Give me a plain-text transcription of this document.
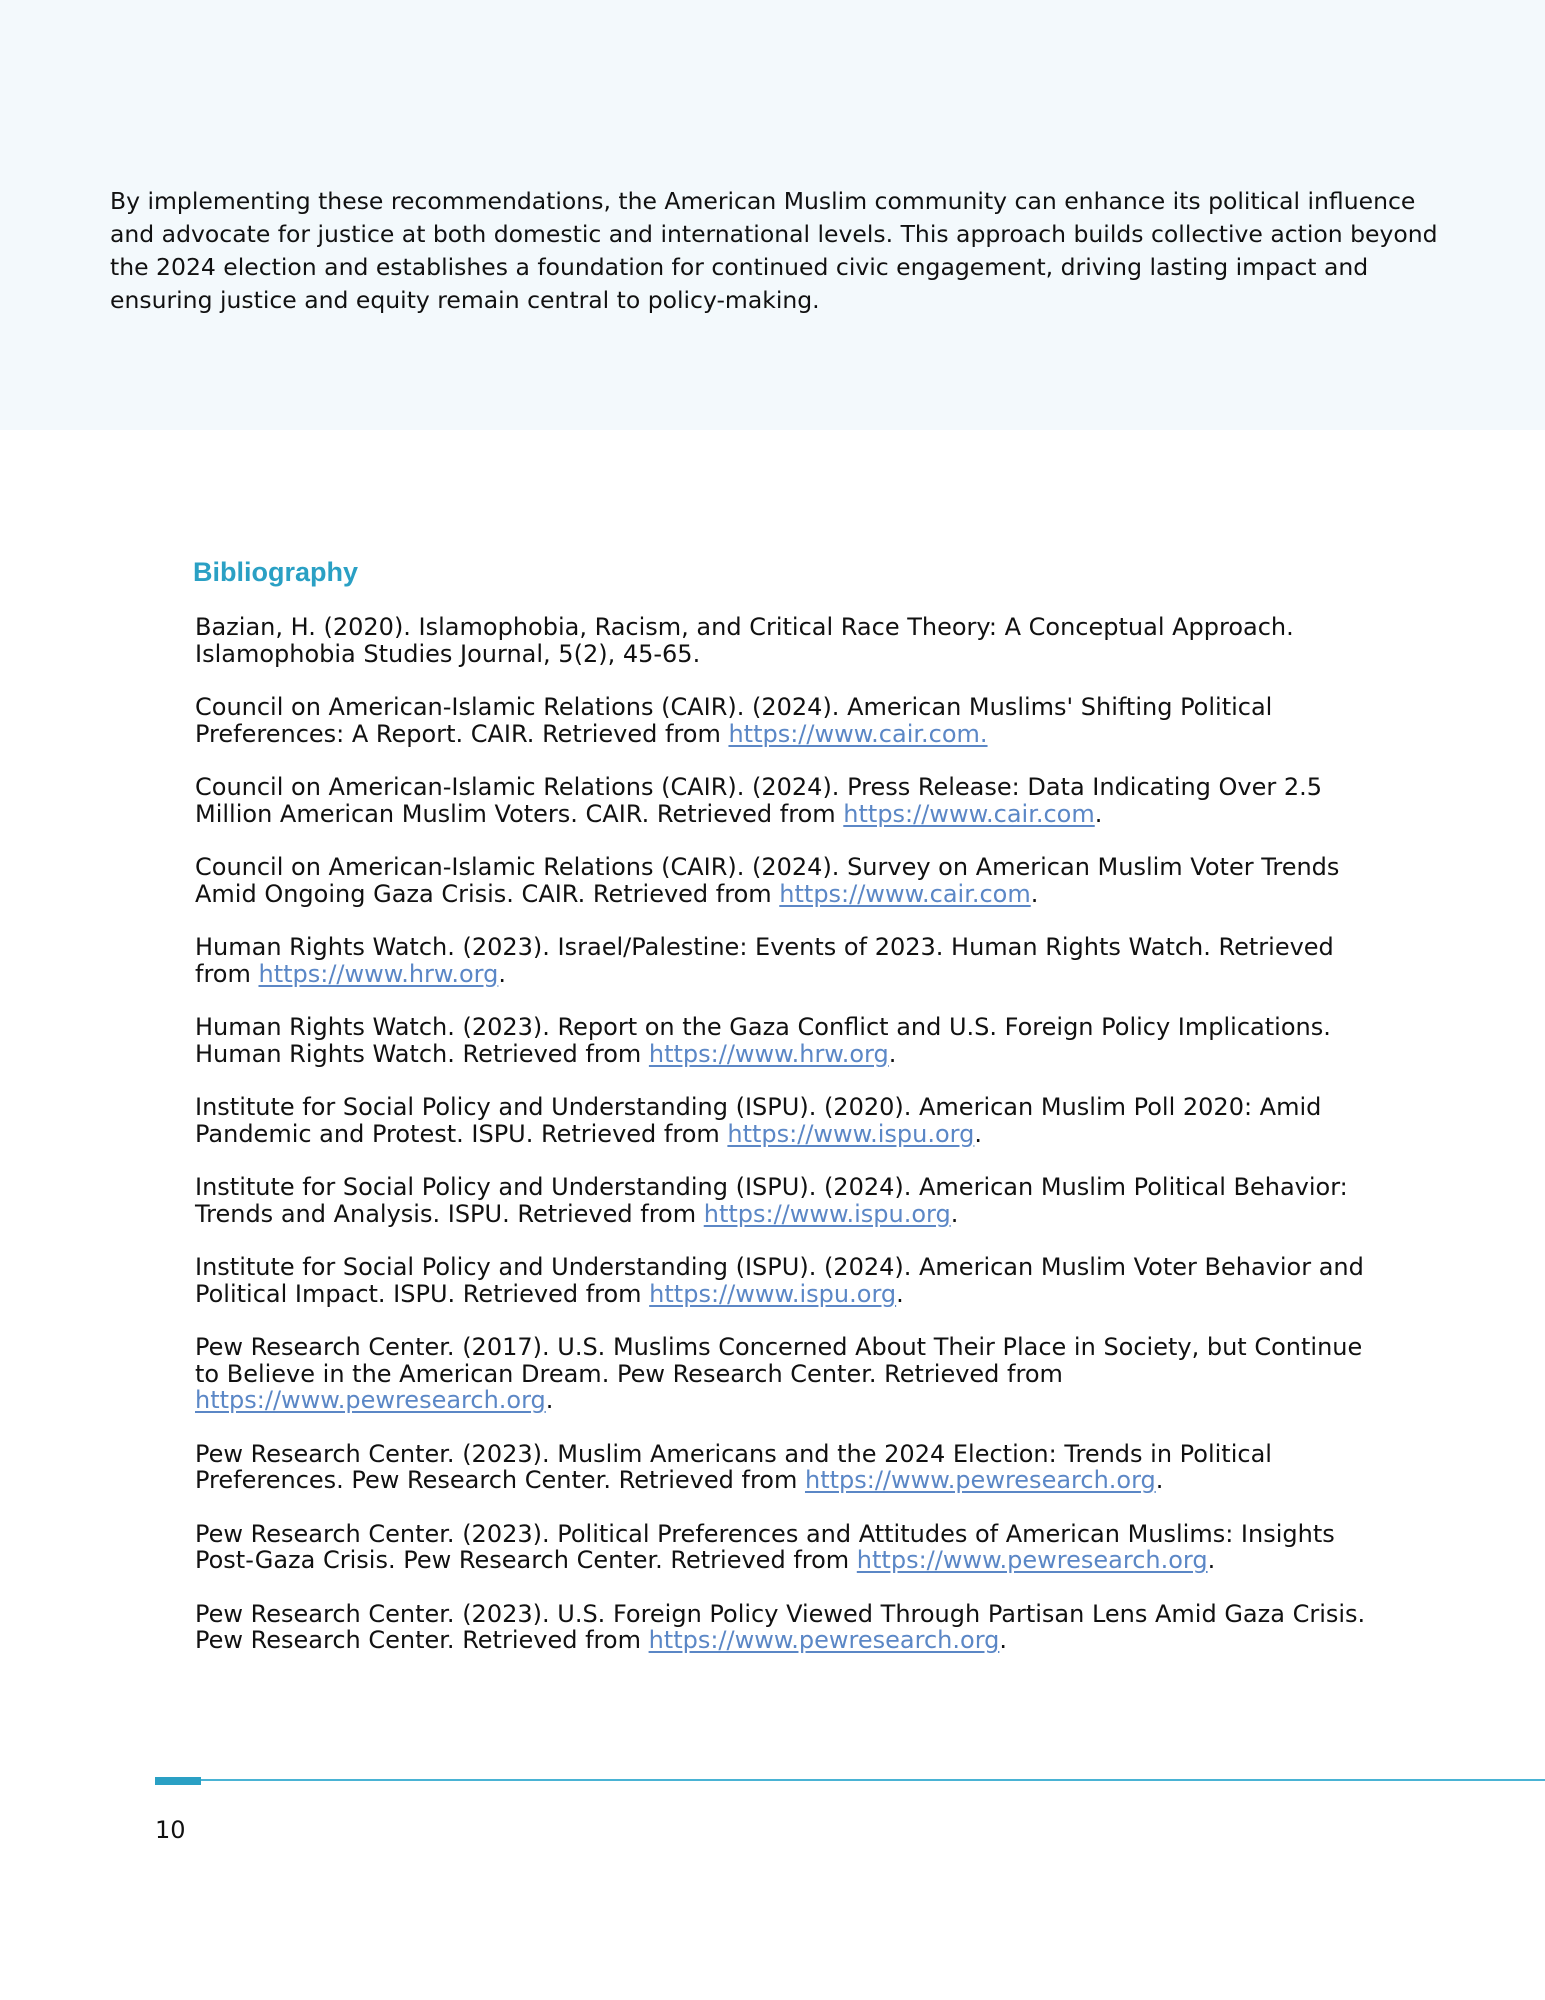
By implementing these recommendations, the American Muslim community can enhance its political influence and advocate for justice at both domestic and international levels. This approach builds collective action beyond the 2024 election and establishes a foundation for continued civic engagement, driving lasting impact and ensuring justice and equity remain central to policy-making.

Bibliography
Bazian, H. (2020). Islamophobia, Racism, and Critical Race Theory: A Conceptual Approach. Islamophobia Studies Journal, 5(2), 45-65.
Council on American-Islamic Relations (CAIR). (2024). American Muslims' Shifting Political Preferences: A Report. CAIR. Retrieved from https://www.cair.com.
Council on American-Islamic Relations (CAIR). (2024). Press Release: Data Indicating Over 2.5 Million American Muslim Voters. CAIR. Retrieved from https://www.cair.com.
Council on American-Islamic Relations (CAIR). (2024). Survey on American Muslim Voter Trends Amid Ongoing Gaza Crisis. CAIR. Retrieved from https://www.cair.com.
Human Rights Watch. (2023). Israel/Palestine: Events of 2023. Human Rights Watch. Retrieved from https://www.hrw.org.
Human Rights Watch. (2023). Report on the Gaza Conflict and U.S. Foreign Policy Implications. Human Rights Watch. Retrieved from https://www.hrw.org.
Institute for Social Policy and Understanding (ISPU). (2020). American Muslim Poll 2020: Amid Pandemic and Protest. ISPU. Retrieved from https://www.ispu.org.
Institute for Social Policy and Understanding (ISPU). (2024). American Muslim Political Behavior: Trends and Analysis. ISPU. Retrieved from https://www.ispu.org.
Institute for Social Policy and Understanding (ISPU). (2024). American Muslim Voter Behavior and Political Impact. ISPU. Retrieved from https://www.ispu.org.
Pew Research Center. (2017). U.S. Muslims Concerned About Their Place in Society, but Continue to Believe in the American Dream. Pew Research Center. Retrieved from https://www.pewresearch.org.
Pew Research Center. (2023). Muslim Americans and the 2024 Election: Trends in Political Preferences. Pew Research Center. Retrieved from https://www.pewresearch.org.
Pew Research Center. (2023). Political Preferences and Attitudes of American Muslims: Insights Post-Gaza Crisis. Pew Research Center. Retrieved from https://www.pewresearch.org.
Pew Research Center. (2023). U.S. Foreign Policy Viewed Through Partisan Lens Amid Gaza Crisis. Pew Research Center. Retrieved from https://www.pewresearch.org.
10
